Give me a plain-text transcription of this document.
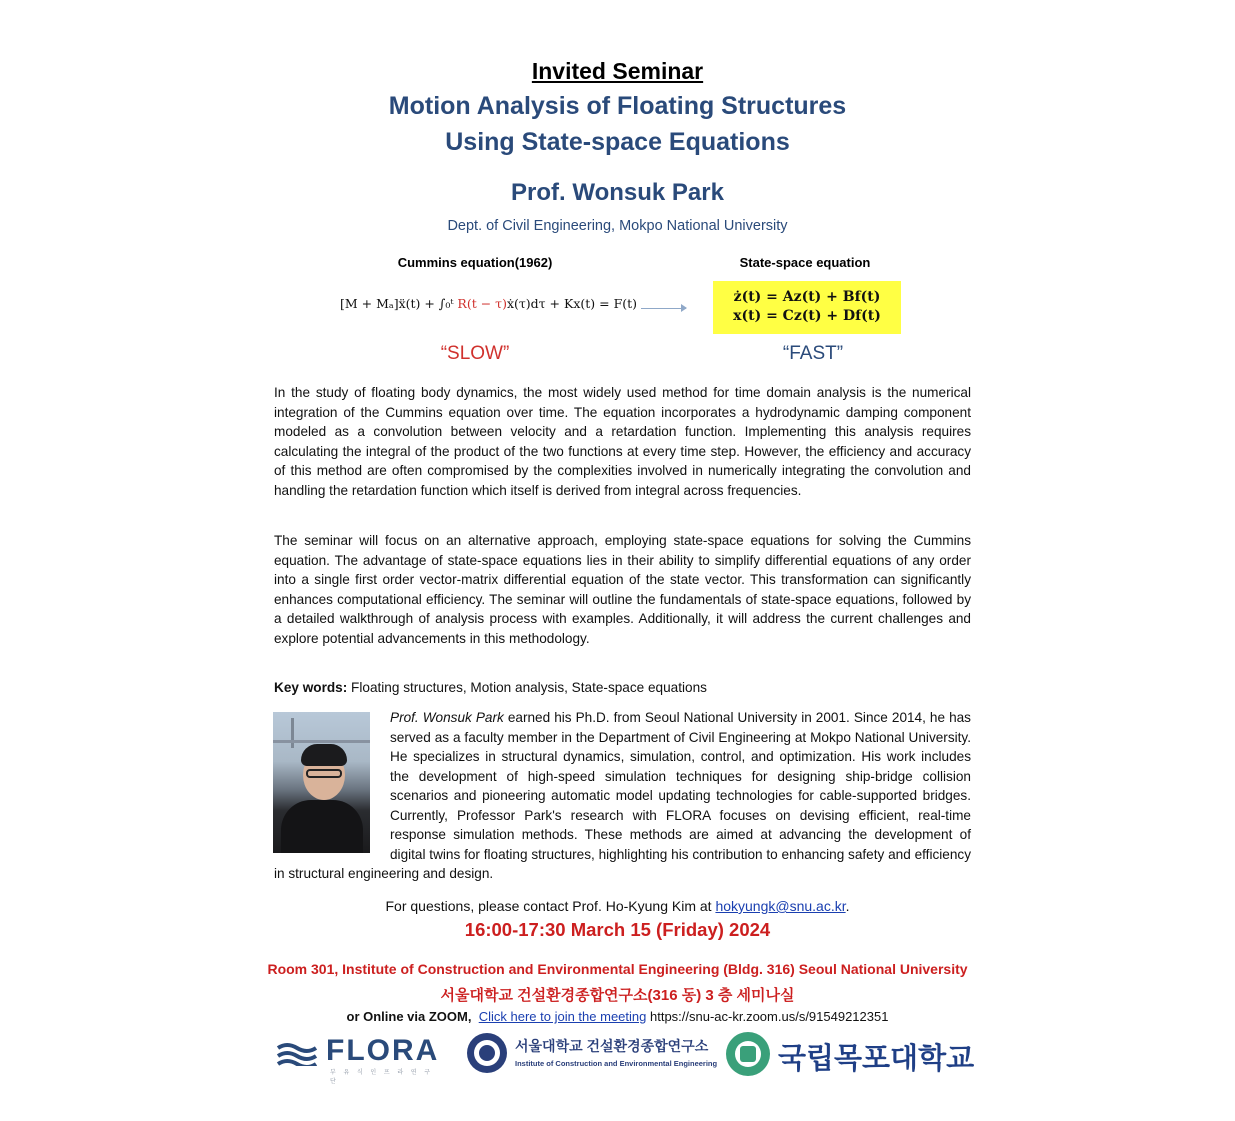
Invited Seminar
Motion Analysis of Floating Structures
Using State-space Equations
Prof. Wonsuk Park
Dept. of Civil Engineering, Mokpo National University
Cummins equation(1962)	State-space equation
[M + Mₐ]ẍ(t) + ∫₀ᵗ R(t − τ)ẋ(τ)dτ + Kx(t) = F(t)	ż(t) = Az(t) + Bf(t)
x(t) = Cz(t) + Df(t)
“SLOW”	“FAST”
In the study of floating body dynamics, the most widely used method for time domain analysis is the numerical integration of the Cummins equation over time. The equation incorporates a hydrodynamic damping component modeled as a convolution between velocity and a retardation function. Implementing this analysis requires calculating the integral of the product of the two functions at every time step. However, the efficiency and accuracy of this method are often compromised by the complexities involved in numerically integrating the convolution and handling the retardation function which itself is derived from integral across frequencies.
The seminar will focus on an alternative approach, employing state-space equations for solving the Cummins equation. The advantage of state-space equations lies in their ability to simplify differential equations of any order into a single first order vector-matrix differential equation of the state vector. This transformation can significantly enhances computational efficiency. The seminar will outline the fundamentals of state-space equations, followed by a detailed walkthrough of analysis process with examples. Additionally, it will address the current challenges and explore potential advancements in this methodology.
Key words: Floating structures, Motion analysis, State-space equations
Prof. Wonsuk Park earned his Ph.D. from Seoul National University in 2001. Since 2014, he has served as a faculty member in the Department of Civil Engineering at Mokpo National University. He specializes in structural dynamics, simulation, control, and optimization. His work includes the development of high-speed simulation techniques for designing ship-bridge collision scenarios and pioneering automatic model updating technologies for cable-supported bridges. Currently, Professor Park's research with FLORA focuses on devising efficient, real-time response simulation methods. These methods are aimed at advancing the development of digital twins for floating structures, highlighting his contribution to enhancing safety and efficiency in structural engineering and design.
For questions, please contact Prof. Ho-Kyung Kim at hokyungk@snu.ac.kr.
16:00-17:30 March 15 (Friday) 2024
Room 301, Institute of Construction and Environmental Engineering (Bldg. 316) Seoul National University
서울대학교 건설환경종합연구소(316 동) 3 층 세미나실
or Online via ZOOM, Click here to join the meeting https://snu-ac-kr.zoom.us/s/91549212351
FLORA
부 유 식 인 프 라 연 구 단
서울대학교 건설환경종합연구소
Institute of Construction and Environmental Engineering 국립목포대학교
